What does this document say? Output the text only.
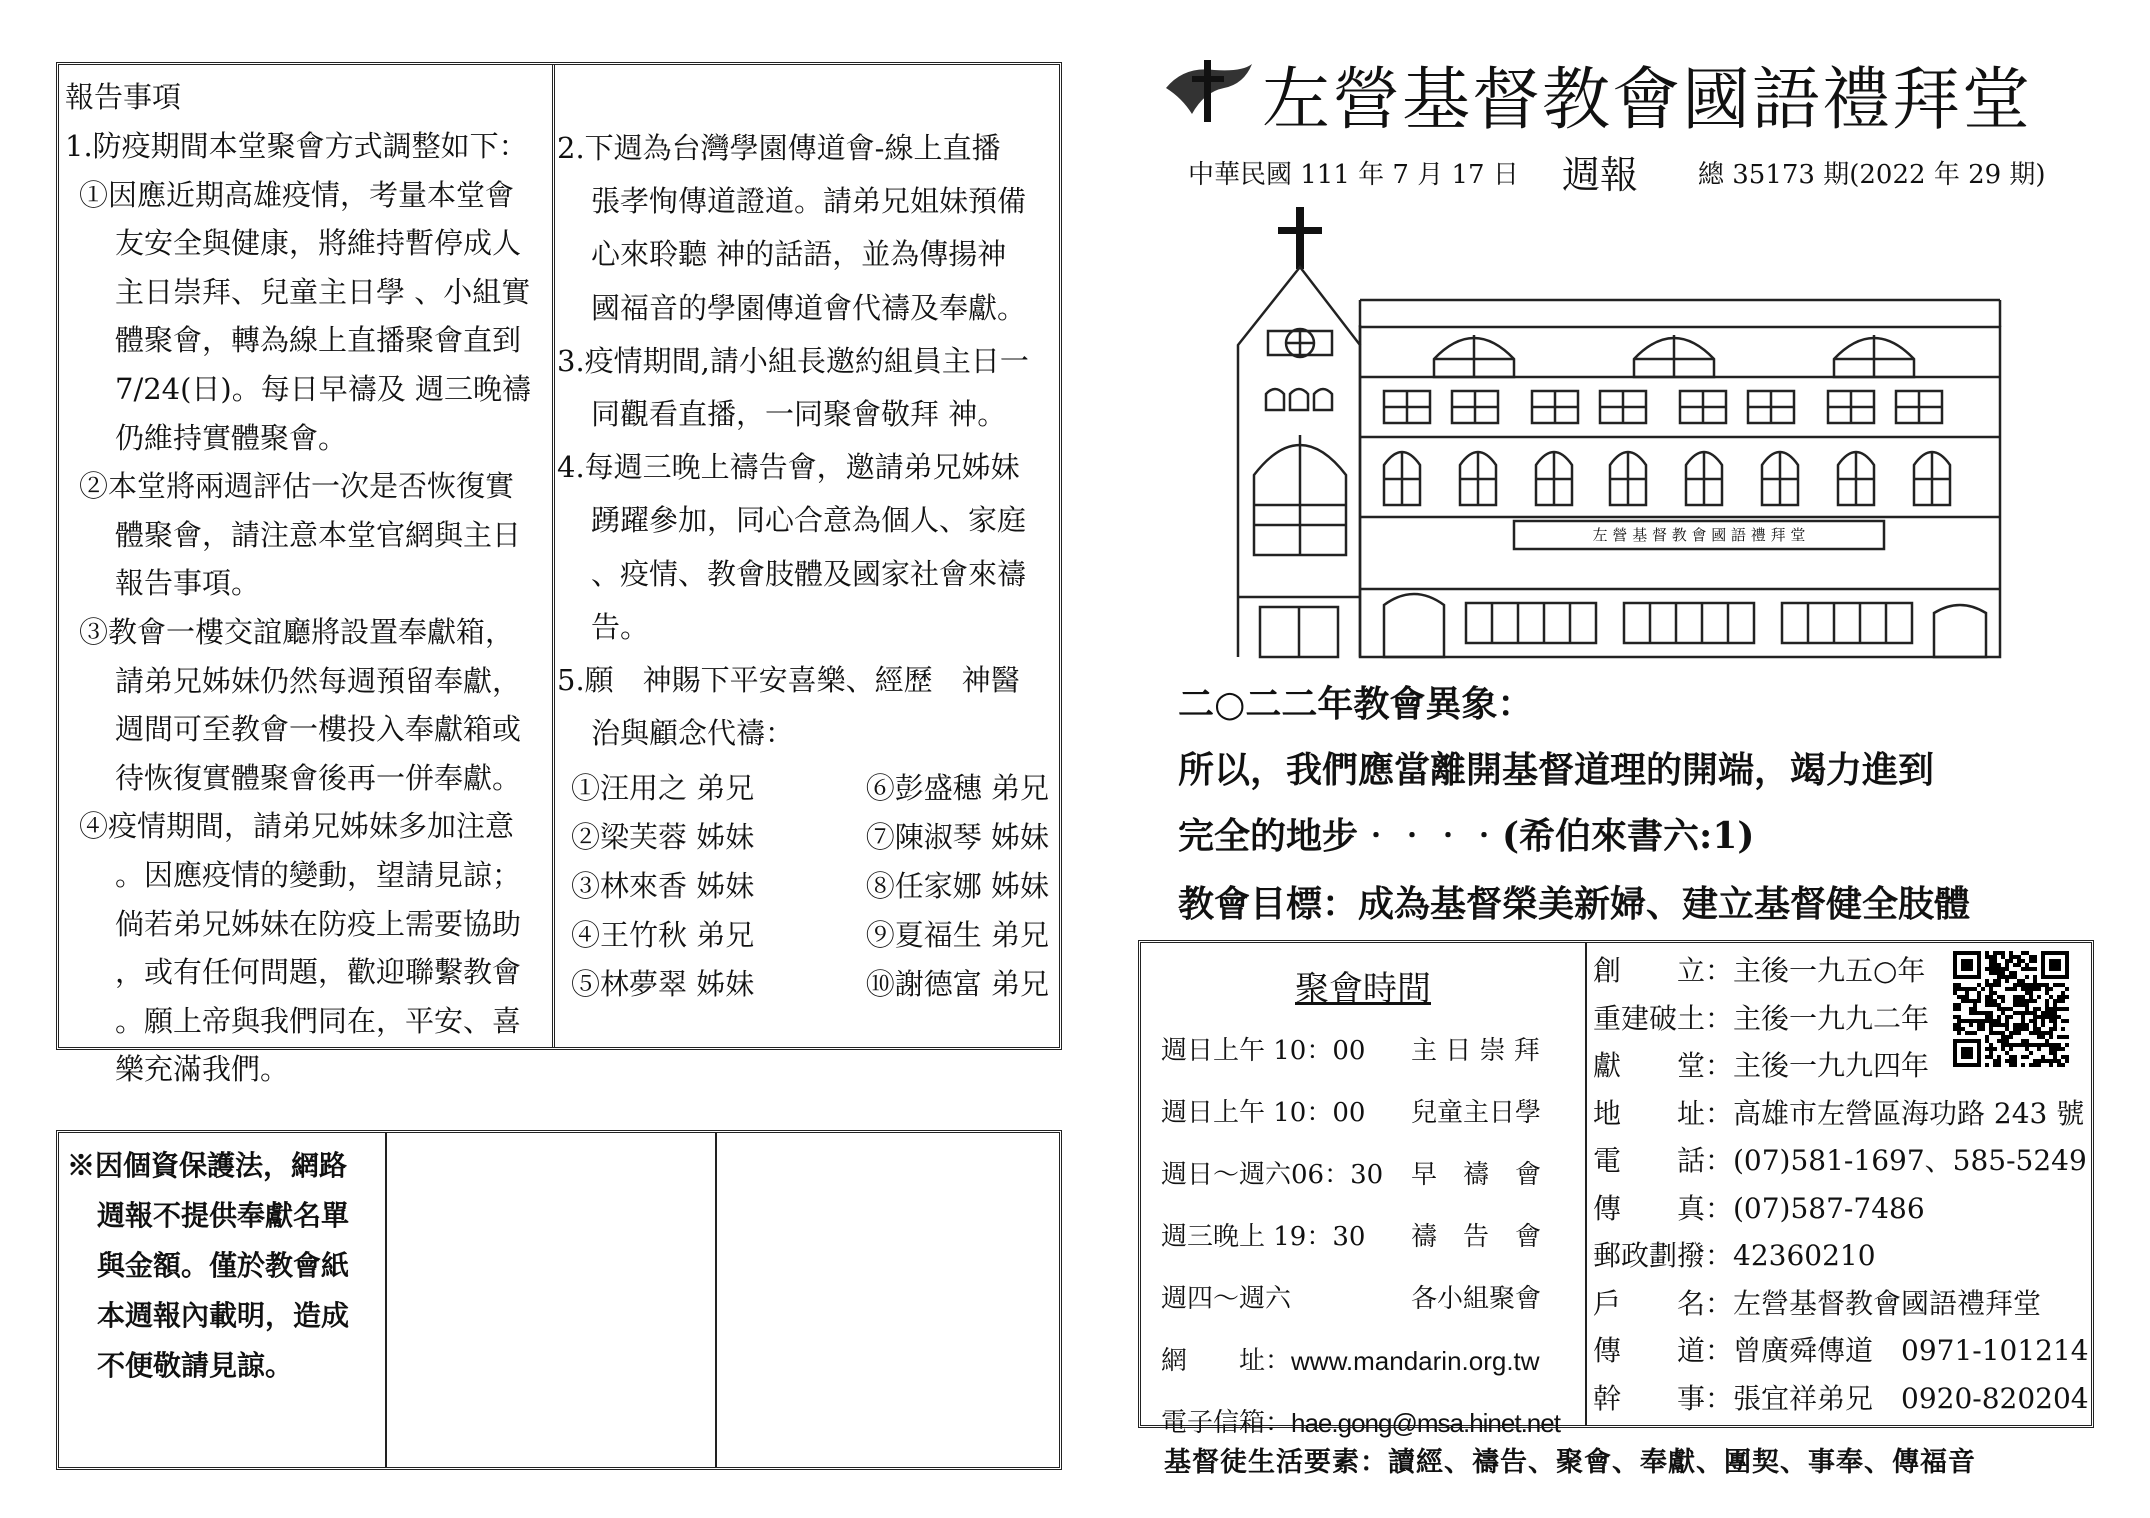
報告事項
1.防疫期間本堂聚會方式調整如下：
①因應近期高雄疫情，考量本堂會
友安全與健康，將維持暫停成人
主日崇拜、兒童主日學 、小組實
體聚會，轉為線上直播聚會直到
7/24(日)。每日早禱及 週三晚禱
仍維持實體聚會。
②本堂將兩週評估一次是否恢復實
體聚會，請注意本堂官網與主日
報告事項。
③教會一樓交誼廳將設置奉獻箱，
請弟兄姊妹仍然每週預留奉獻，
週間可至教會一樓投入奉獻箱或
待恢復實體聚會後再一併奉獻。
④疫情期間，請弟兄姊妹多加注意
。因應疫情的變動，望請見諒；
倘若弟兄姊妹在防疫上需要協助
，或有任何問題，歡迎聯繫教會
。願上帝與我們同在，平安、喜
樂充滿我們。
2.下週為台灣學園傳道會-線上直播
張孝恂傳道證道。請弟兄姐妹預備
心來聆聽 神的話語，並為傳揚神
國福音的學園傳道會代禱及奉獻。
3.疫情期間,請小組長邀約組員主日一
同觀看直播，一同聚會敬拜 神。
4.每週三晚上禱告會，邀請弟兄姊妹
踴躍參加，同心合意為個人、家庭
、疫情、教會肢體及國家社會來禱
告。
5.願　神賜下平安喜樂、經歷　神醫
治與顧念代禱：
①汪用之 弟兄	⑥彭盛穗 弟兄
②梁芙蓉 姊妹	⑦陳淑琴 姊妹
③林來香 姊妹	⑧任家娜 姊妹
④王竹秋 弟兄	⑨夏福生 弟兄
⑤林夢翠 姊妹	⑩謝德富 弟兄
※因個資保護法，網路
週報不提供奉獻名單
與金額。僅於教會紙
本週報內載明，造成
不便敬請見諒。
左營基督教會國語禮拜堂
中華民國 111 年 7 月 17 日 週報 總 35173 期(2022 年 29 期)
左 營 基 督 教 會 國 語 禮 拜 堂
二○二二年教會異象：
所以，我們應當離開基督道理的開端，竭力進到
完全的地步‧‧‧‧(希伯來書六:1)
教會目標：成為基督榮美新婦、建立基督健全肢體
聚會時間
週日上午 10：00	主 日 崇 拜
週日上午 10：00	兒童主日學
週日～週六06：30	早　禱　會
週三晚上 19：30	禱　告　會
週四～週六	各小組聚會
網　　址： www.mandarin.org.tw
電子信箱： hae.gong@msa.hinet.net
創　　立：主後一九五○年
重建破土：主後一九九二年
獻　　堂：主後一九九四年
地　　址：高雄市左營區海功路 243 號
電　　話：(07)581-1697、585-5249
傳　　真：(07)587-7486
郵政劃撥：42360210
戶　　名：左營基督教會國語禮拜堂
傳　　道：曾廣舜傳道　0971-101214
幹　　事：張宜祥弟兄　0920-820204
基督徒生活要素：讀經、禱告、聚會、奉獻、團契、事奉、傳福音
